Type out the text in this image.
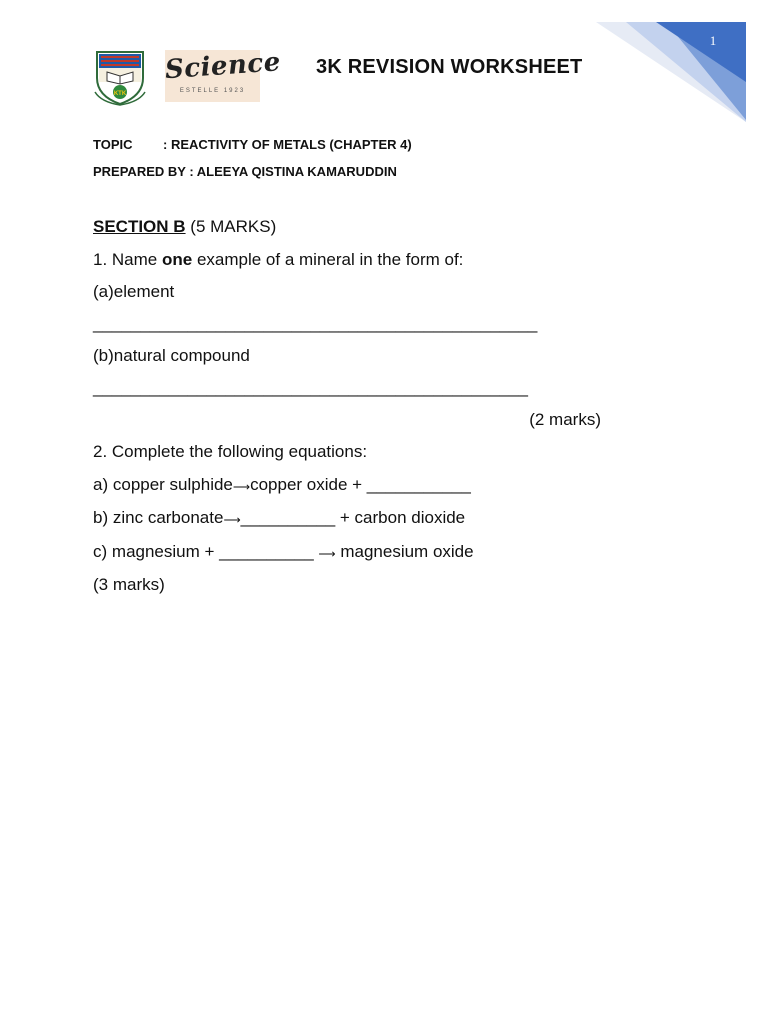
1
KTK
Science
ESTELLE 1923
3K REVISION WORKSHEET
TOPIC : REACTIVITY OF METALS (CHAPTER 4)
PREPARED BY : ALEEYA QISTINA KAMARUDDIN
SECTION B (5 MARKS)
1. Name one example of a mineral in the form of:
(a)element
_______________________________________________
(b)natural compound
______________________________________________
(2 marks)
2. Complete the following equations:
a) copper sulphide⟶copper oxide + ___________
b) zinc carbonate⟶__________ + carbon dioxide
c) magnesium + __________ ⟶ magnesium oxide
(3 marks)
